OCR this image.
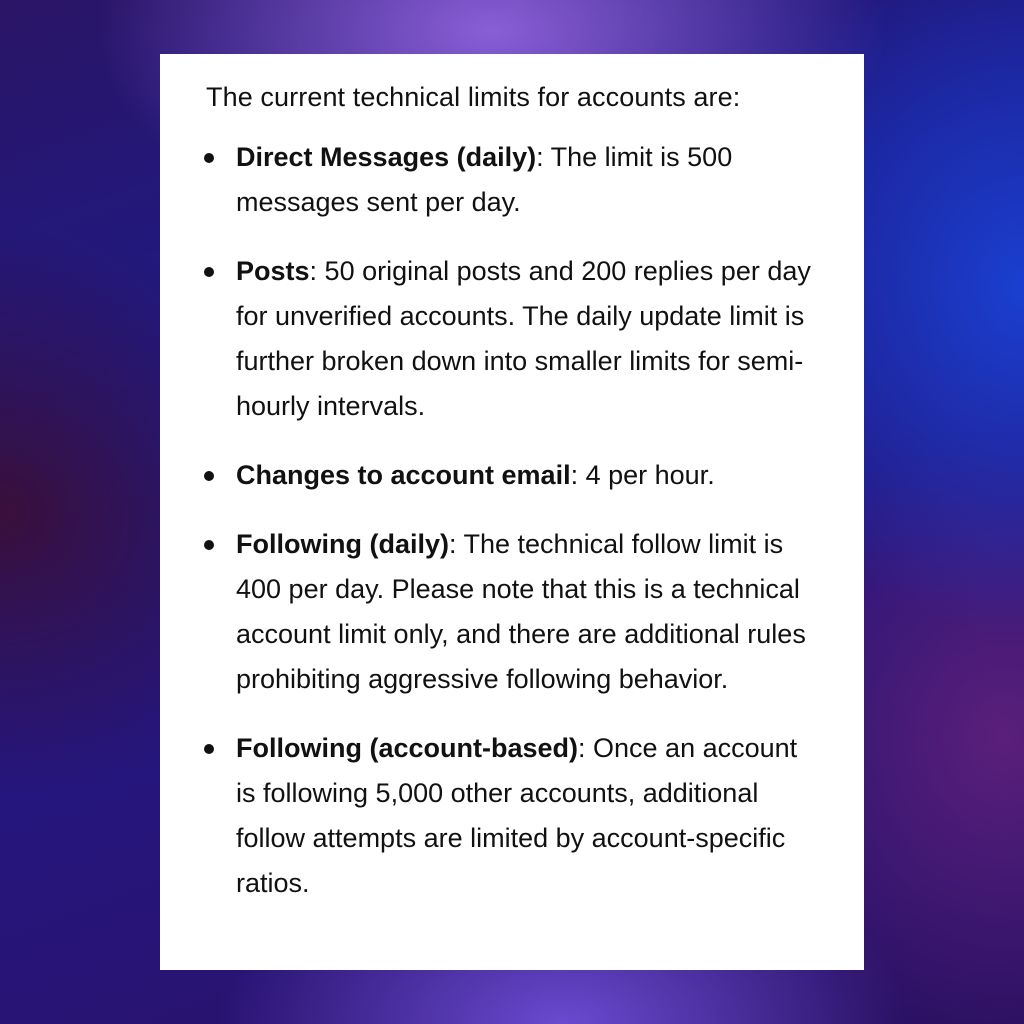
The current technical limits for accounts are:

Direct Messages (daily): The limit is 500 messages sent per day.
Posts: 50 original posts and 200 replies per day for unverified accounts. The daily update limit is further broken down into smaller limits for semi-hourly intervals.
Changes to account email: 4 per hour.
Following (daily): The technical follow limit is 400 per day. Please note that this is a technical account limit only, and there are additional rules prohibiting aggressive following behavior.
Following (account-based): Once an account is following 5,000 other accounts, additional follow attempts are limited by account-specific ratios.
